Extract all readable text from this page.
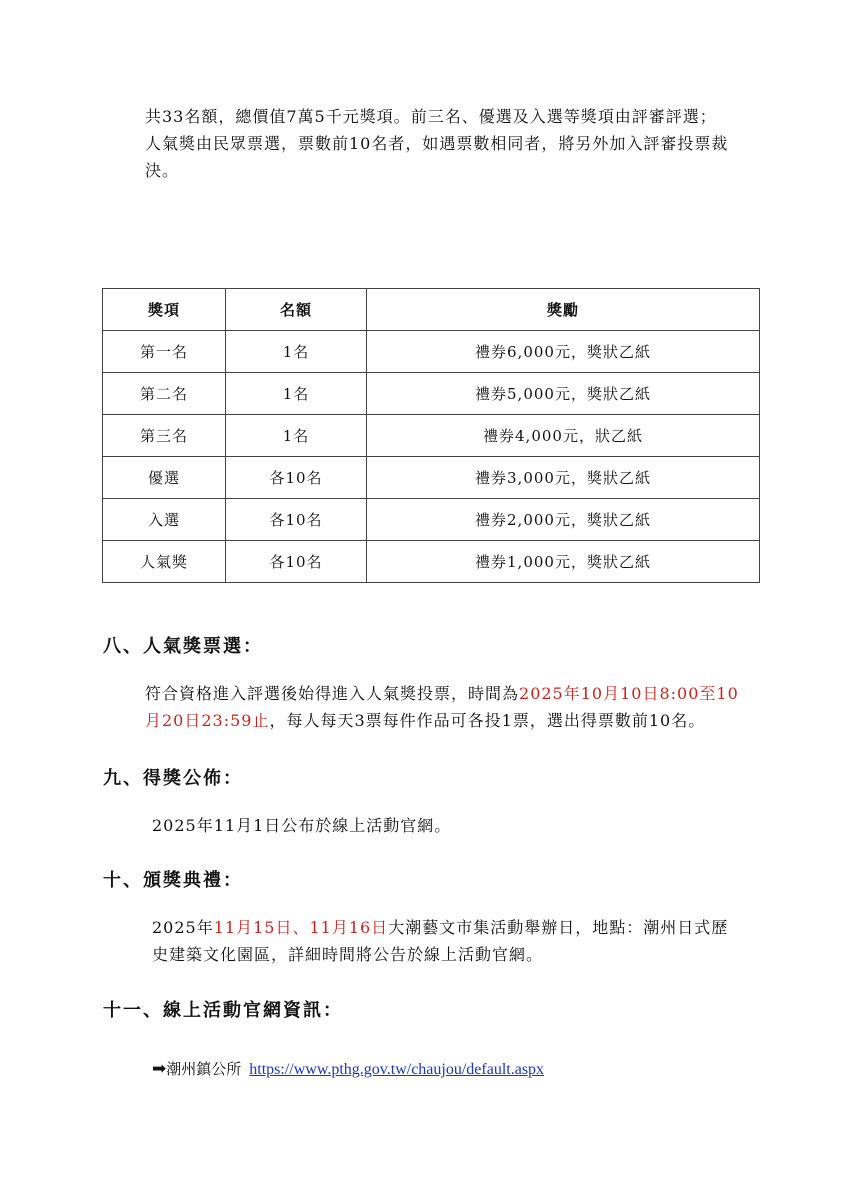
共33名額，總價值7萬5千元獎項。前三名、優選及入選等獎項由評審評選；
人氣獎由民眾票選，票數前10名者，如遇票數相同者，將另外加入評審投票裁
決。

獎項	名額	獎勵
第一名	1名	禮券6,000元，獎狀乙紙
第二名	1名	禮券5,000元，獎狀乙紙
第三名	1名	禮券4,000元，狀乙紙
優選	各10名	禮券3,000元，獎狀乙紙
入選	各10名	禮券2,000元，獎狀乙紙
人氣獎	各10名	禮券1,000元，獎狀乙紙
八、人氣獎票選：

符合資格進入評選後始得進入人氣獎投票，時間為2025年10月10日8:00至10
月20日23:59止，每人每天3票每件作品可各投1票，選出得票數前10名。

九、得獎公佈：

2025年11月1日公布於線上活動官網。

十、頒獎典禮：

2025年11月15日、11月16日大潮藝文市集活動舉辦日，地點：潮州日式歷
史建築文化園區，詳細時間將公告於線上活動官網。

十一、線上活動官網資訊：
➡潮州鎮公所 https://www.pthg.gov.tw/chaujou/default.aspx
